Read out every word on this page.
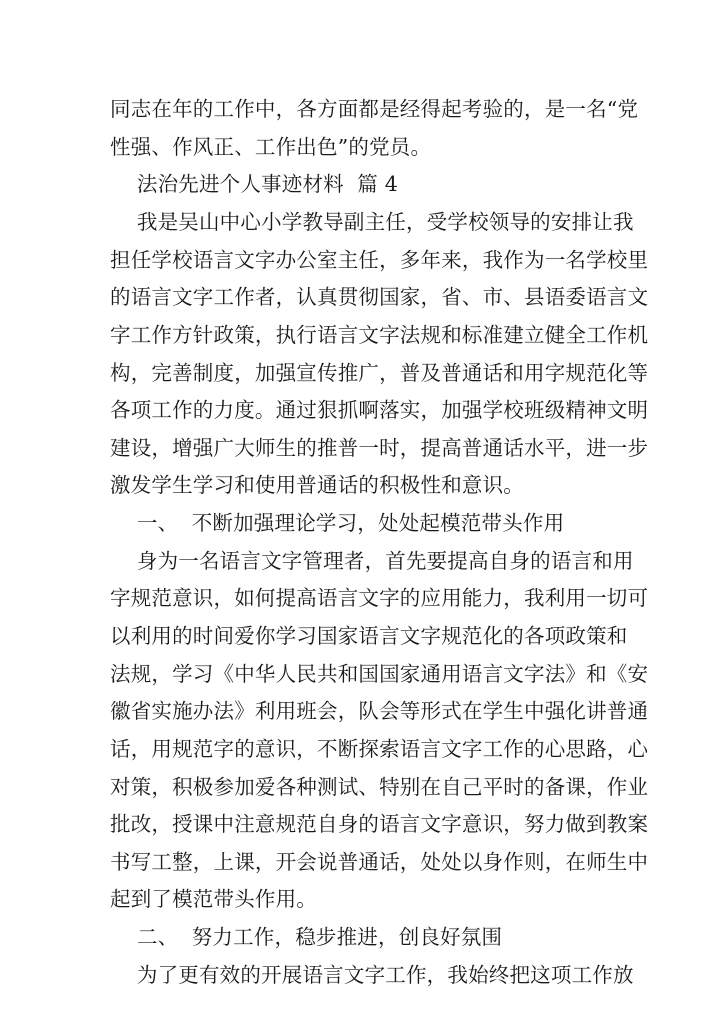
同志在年的工作中，各方面都是经得起考验的，是一名“党
性强、作风正、工作出色”的党员。
法治先进个人事迹材料  篇 4
我是吴山中心小学教导副主任，受学校领导的安排让我
担任学校语言文字办公室主任，多年来，我作为一名学校里
的语言文字工作者，认真贯彻国家，省、市、县语委语言文
字工作方针政策，执行语言文字法规和标准建立健全工作机
构，完善制度，加强宣传推广，普及普通话和用字规范化等
各项工作的力度。通过狠抓啊落实，加强学校班级精神文明
建设，增强广大师生的推普一时，提高普通话水平，进一步
激发学生学习和使用普通话的积极性和意识。
一、  不断加强理论学习，处处起模范带头作用
身为一名语言文字管理者，首先要提高自身的语言和用
字规范意识，如何提高语言文字的应用能力，我利用一切可
以利用的时间爱你学习国家语言文字规范化的各项政策和
法规，学习《中华人民共和国国家通用语言文字法》和《安
徽省实施办法》利用班会，队会等形式在学生中强化讲普通
话，用规范字的意识，不断探索语言文字工作的心思路，心
对策，积极参加爱各种测试、特别在自己平时的备课，作业
批改，授课中注意规范自身的语言文字意识，努力做到教案
书写工整，上课，开会说普通话，处处以身作则，在师生中
起到了模范带头作用。
二、  努力工作，稳步推进，创良好氛围
为了更有效的开展语言文字工作，我始终把这项工作放
